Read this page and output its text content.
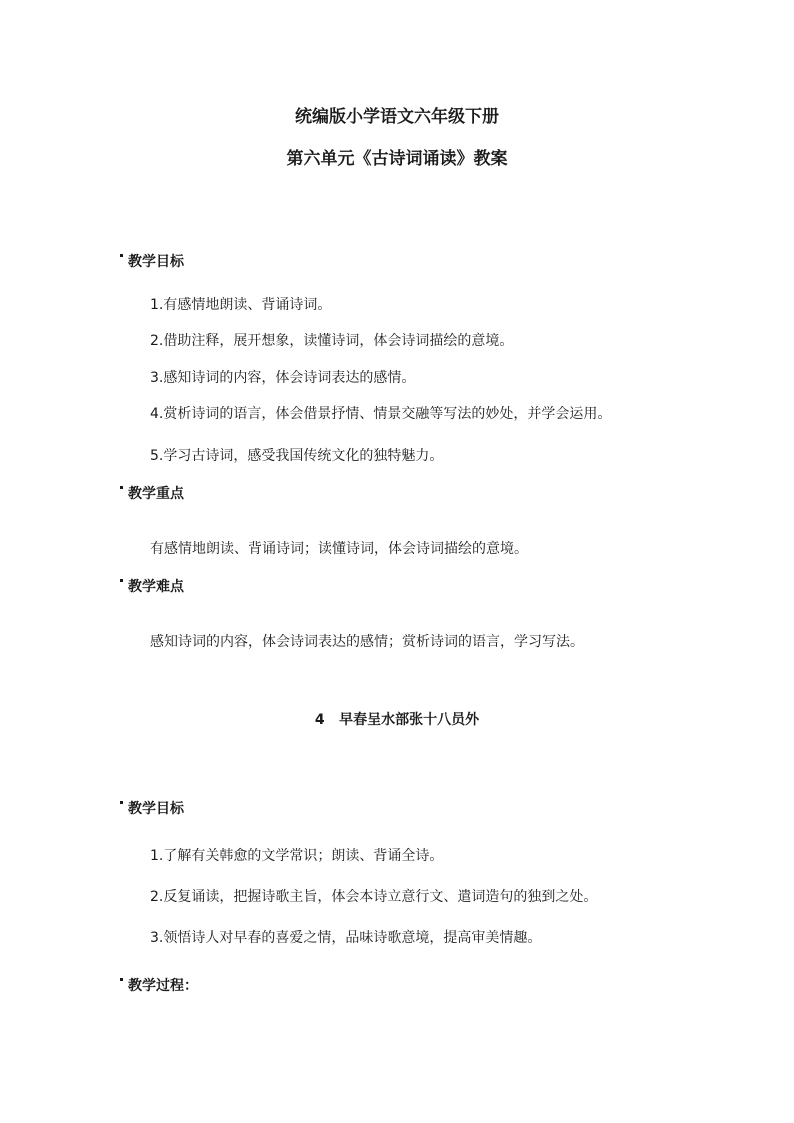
统编版小学语文六年级下册
第六单元《古诗词诵读》教案
教学目标
1.有感情地朗读、背诵诗词。
2.借助注释，展开想象，读懂诗词，体会诗词描绘的意境。
3.感知诗词的内容，体会诗词表达的感情。
4.赏析诗词的语言，体会借景抒情、情景交融等写法的妙处，并学会运用。
5.学习古诗词，感受我国传统文化的独特魅力。
教学重点
有感情地朗读、背诵诗词；读懂诗词，体会诗词描绘的意境。
教学难点
感知诗词的内容，体会诗词表达的感情；赏析诗词的语言，学习写法。
4   早春呈水部张十八员外
教学目标
1.了解有关韩愈的文学常识；朗读、背诵全诗。
2.反复诵读，把握诗歌主旨，体会本诗立意行文、遣词造句的独到之处。
3.领悟诗人对早春的喜爱之情，品味诗歌意境，提高审美情趣。
教学过程：
